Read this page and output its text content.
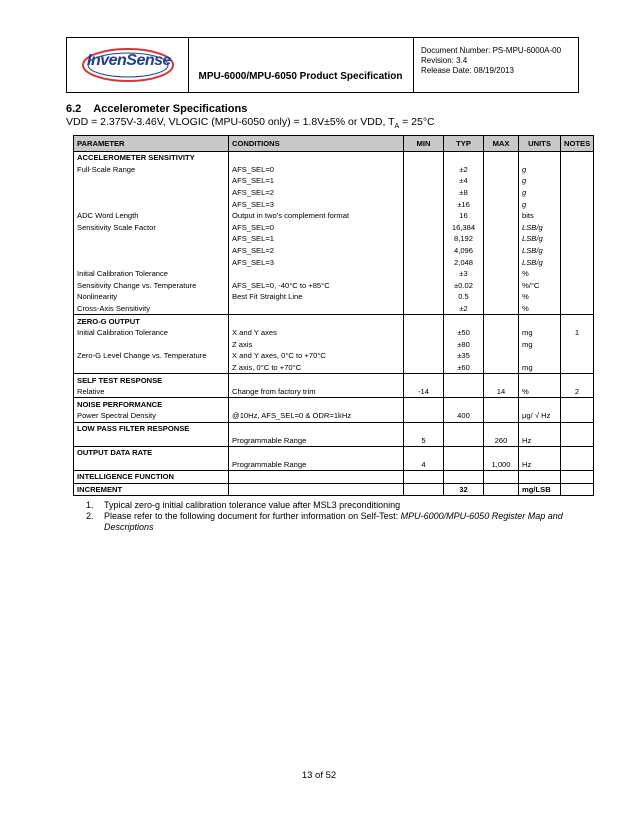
InvenSense
MPU-6000/MPU-6050 Product Specification
Document Number: PS-MPU-6000A-00
Revision: 3.4
Release Date: 08/19/2013
6.2 Accelerometer Specifications
VDD = 2.375V-3.46V, VLOGIC (MPU-6050 only) = 1.8V±5% or VDD, $T_A = 25^\circ C$
PARAMETER	CONDITIONS	MIN	TYP	MAX	UNITS	NOTES
ACCELEROMETER SENSITIVITY						
Full-Scale Range	AFS_SEL=0		±2		g	
	AFS_SEL=1		±4		g	
	AFS_SEL=2		±8		g	
	AFS_SEL=3		±16		g	
ADC Word Length	Output in two's complement format		16		bits	
Sensitivity Scale Factor	AFS_SEL=0		16,384		LSB/g	
	AFS_SEL=1		8,192		LSB/g	
	AFS_SEL=2		4,096		LSB/g	
	AFS_SEL=3		2,048		LSB/g	
Initial Calibration Tolerance			±3		%	
Sensitivity Change vs. Temperature	AFS_SEL=0, -40°C to +85°C		±0.02		%/°C	
Nonlinearity	Best Fit Straight Line		0.5		%	
Cross-Axis Sensitivity			±2		%	
ZERO-G OUTPUT						
Initial Calibration Tolerance	X and Y axes		±50		mg	1
	Z axis		±80		mg	
Zero-G Level Change vs. Temperature	X and Y axes, 0°C to +70°C		±35			
	Z axis, 0°C to +70°C		±60		mg	
SELF TEST RESPONSE						
Relative	Change from factory trim	-14		14	%	2
NOISE PERFORMANCE						
Power Spectral Density	@10Hz, AFS_SEL=0 & ODR=1kHz		400		μg/ √ Hz	
LOW PASS FILTER RESPONSE						
	Programmable Range	5		260	Hz	
OUTPUT DATA RATE						
	Programmable Range	4		1,000	Hz	
INTELLIGENCE FUNCTION						
INCREMENT			32		mg/LSB	
1.	Typical zero-g initial calibration tolerance value after MSL3 preconditioning
2.	Please refer to the following document for further information on Self-Test: MPU-6000/MPU-6050 Register Map and Descriptions
13 of 52
